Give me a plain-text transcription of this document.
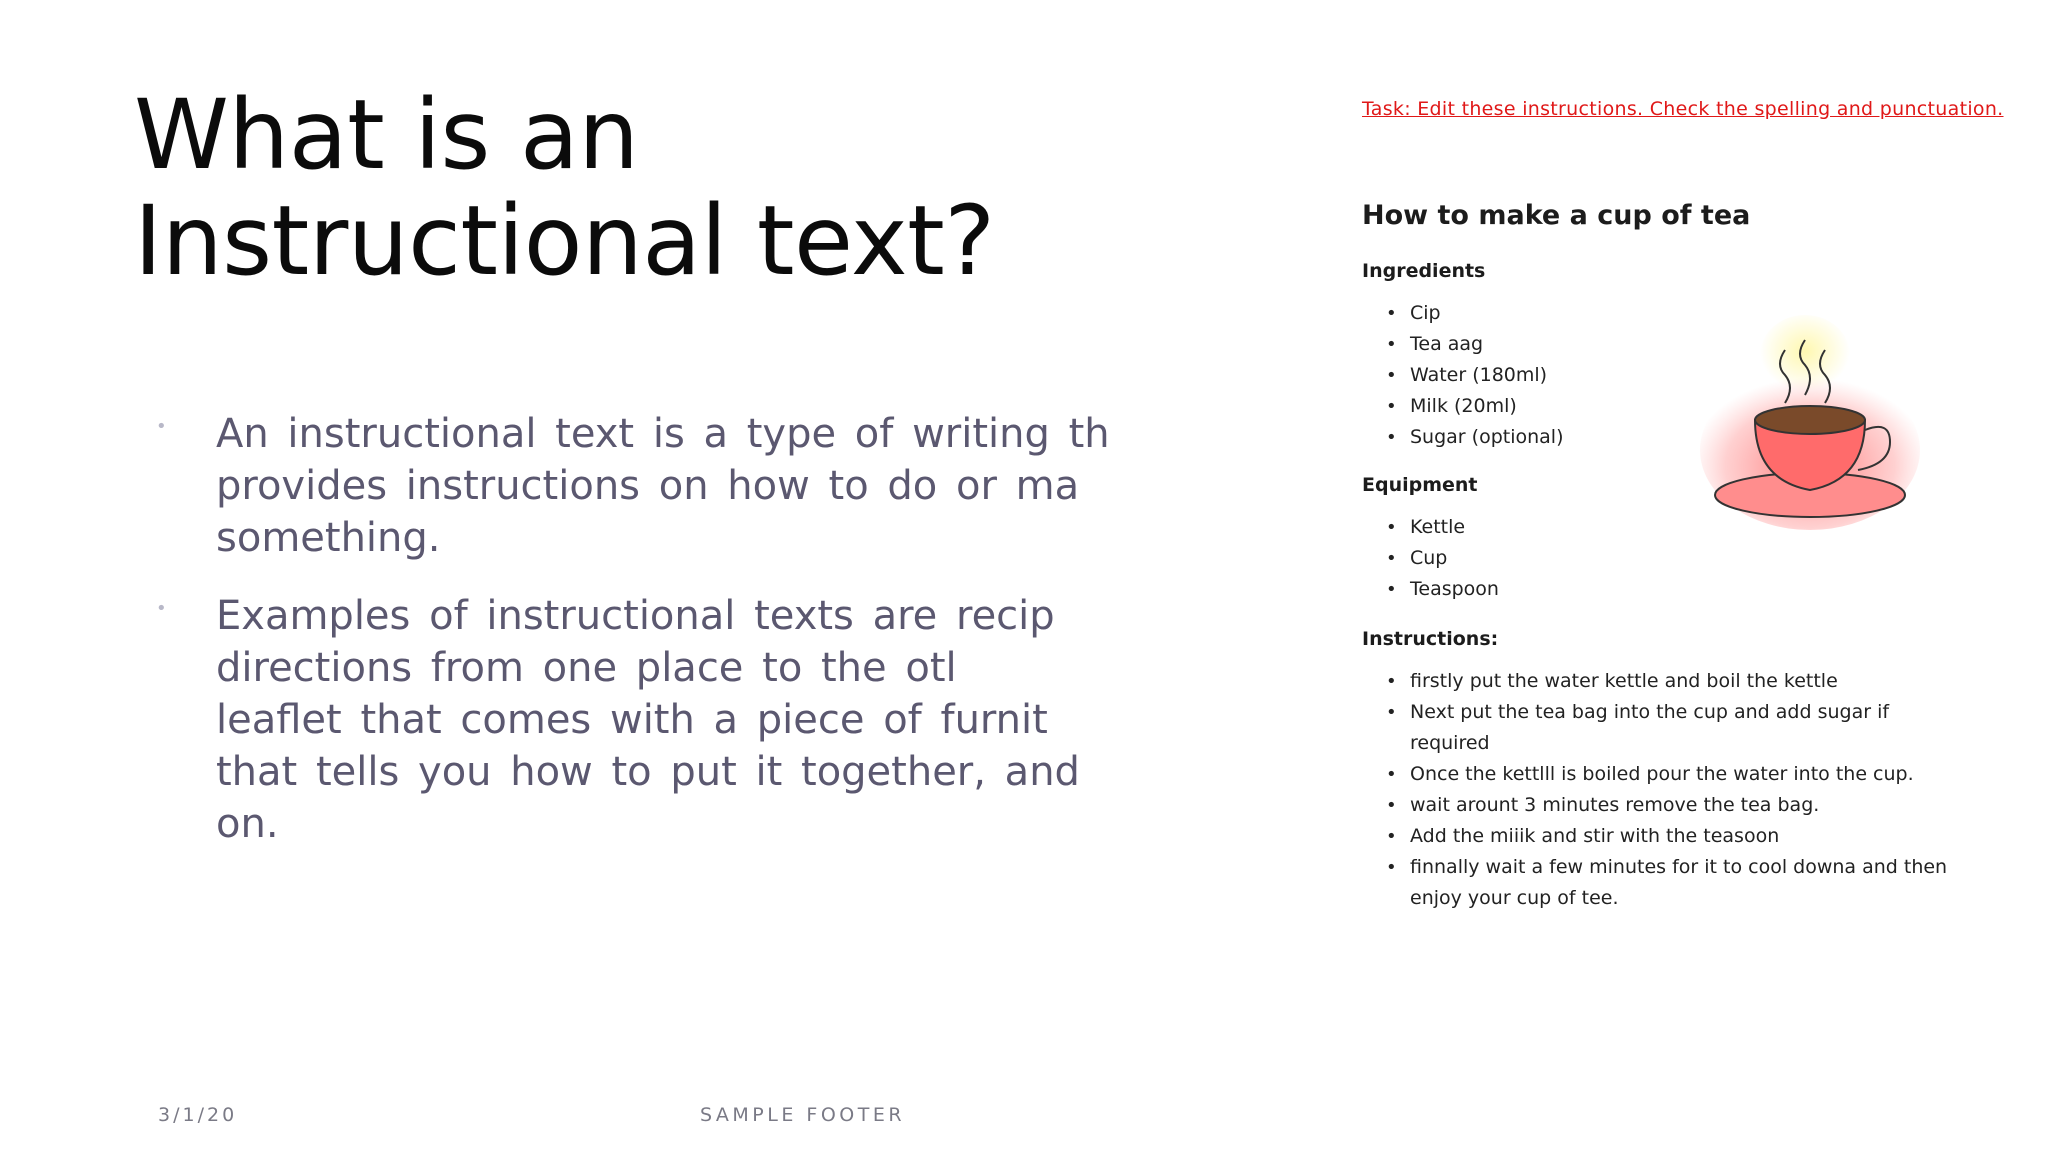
What is an
Instructional text?
• An instructional text is a type of writing th
provides instructions on how to do or ma
something.
• Examples of instructional texts are recip
directions from one place to the otl
leaflet that comes with a piece of furnit
that tells you how to put it together, and
on.
3/1/20	SAMPLE FOOTER
Task: Edit these instructions. Check the spelling and punctuation.
How to make a cup of tea
Ingredients
• Cip
• Tea aag
• Water (180ml)
• Milk (20ml)
• Sugar (optional)
Equipment
• Kettle
• Cup
• Teaspoon
Instructions:
• firstly put the water kettle and boil the kettle
• Next put the tea bag into the cup and add sugar if
required
• Once the kettlll is boiled pour the water into the cup.
• wait arount 3 minutes remove the tea bag.
• Add the miiik and stir with the teasoon
• finnally wait a few minutes for it to cool downa and then
enjoy your cup of tee.
